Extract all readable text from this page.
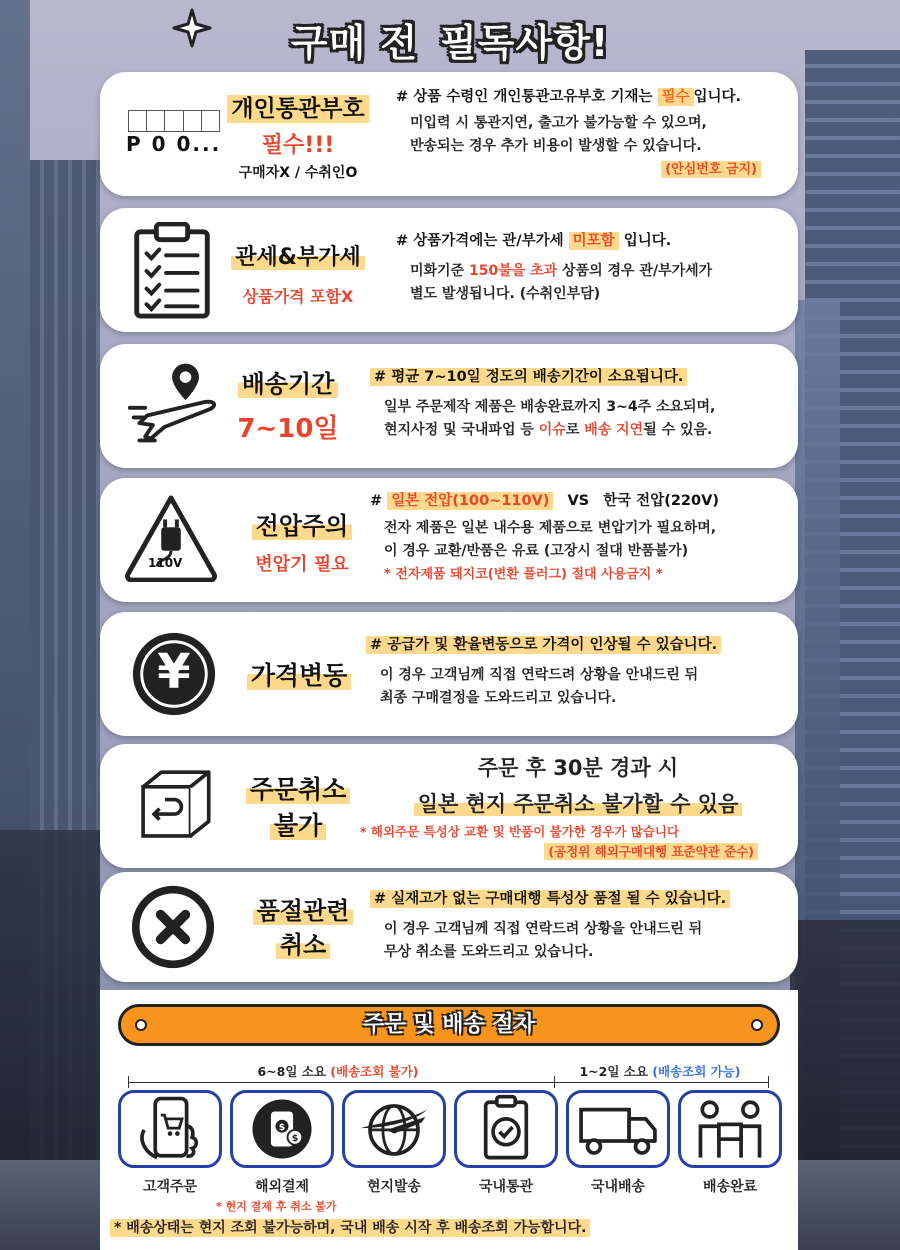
구매 전 필독사항!
P 0 0...
개인통관부호
필수!!!
구매자X / 수취인O
# 상품 수령인 개인통관고유부호 기재는 필수 입니다.
미입력 시 통관지연, 출고가 불가능할 수 있으며,
반송되는 경우 추가 비용이 발생할 수 있습니다.
(안심번호 금지)
관세&부가세
상품가격 포함X
# 상품가격에는 관/부가세 미포함 입니다.
미화기준 150불을 초과 상품의 경우 관/부가세가
별도 발생됩니다. (수취인부담)
배송기간
7~10일
# 평균 7~10일 정도의 배송기간이 소요됩니다.
일부 주문제작 제품은 배송완료까지 3~4주 소요되며,
현지사정 및 국내파업 등 이슈로 배송 지연될 수 있음.
110V
전압주의
변압기 필요
# 일본 전압(100~110V) VS 한국 전압(220V)
전자 제품은 일본 내수용 제품으로 변압기가 필요하며,
이 경우 교환/반품은 유료 (고장시 절대 반품불가)
* 전자제품 돼지코(변환 플러그) 절대 사용금지 *
¥	가격변동
# 공급가 및 환율변동으로 가격이 인상될 수 있습니다.
이 경우 고객님께 직접 연락드려 상황을 안내드린 뒤
최종 구매결정을 도와드리고 있습니다.
주문취소
불가
주문 후 30분 경과 시
일본 현지 주문취소 불가할 수 있음
* 해외주문 특성상 교환 및 반품이 불가한 경우가 많습니다
(공정위 해외구매대행 표준약관 준수)
품절관련
취소
# 실재고가 없는 구매대행 특성상 품절 될 수 있습니다.
이 경우 고객님께 직접 연락드려 상황을 안내드린 뒤
무상 취소를 도와드리고 있습니다.
주문 및 배송 절차
6~8일 소요 (배송조회 불가)	1~2일 소요 (배송조회 가능)
$
$
고객주문	해외결제	현지발송	국내통관	국내배송	배송완료
* 현지 결제 후 취소 불가
* 배송상태는 현지 조회 불가능하며, 국내 배송 시작 후 배송조회 가능합니다.
